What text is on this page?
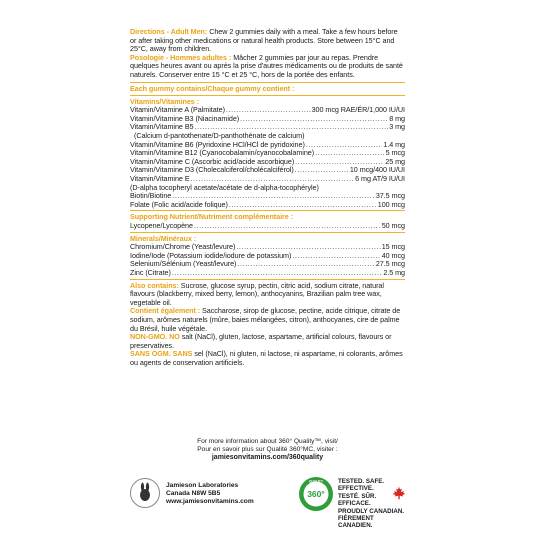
Directions - Adult Men: Chew 2 gummies daily with a meal. Take a few hours before or after taking other medications or natural health products. Store between 15°C and 25°C, away from children.

Posologie - Hommes adultes : Mâcher 2 gummies par jour au repas. Prendre quelques heures avant ou après la prise d'autres médicaments ou de produits de santé naturels. Conserver entre 15 °C et 25 °C, hors de la portée des enfants.

Each gummy contains/Chaque gummy contient :

Vitamins/Vitamines :

Vitamin/Vitamine A (Palmitate) .....	300 mcg RAE/ÉR/1,000 IU/UI
Vitamin/Vitamine B3 (Niacinamide) .....	8 mg
Vitamin/Vitamine B5 .....	3 mg

(Calcium d-pantothenate/D-panthothénate de calcium)

Vitamin/Vitamine B6 (Pyridoxine HCl/HCl de pyridoxine) .....	1.4 mg
Vitamin/Vitamine B12 (Cyanocobalamin/cyanocobalamine) .....	5 mcg
Vitamin/Vitamine C (Ascorbic acid/acide ascorbique) .....	25 mg
Vitamin/Vitamine D3 (Cholecalciferol/cholécalciférol) .....	10 mcg/400 IU/UI
Vitamin/Vitamine E .....	6 mg AT/9 IU/UI

(D-alpha tocopheryl acetate/acétate de d-alpha-tocophéryle)

Biotin/Biotine .....	37.5 mcg
Folate (Folic acid/acide folique) .....	100 mcg

Supporting Nutrient/Nutriment complémentaire :

Lycopene/Lycopène .....	50 mcg

Minerals/Minéraux :

Chromium/Chrome (Yeast/levure) .....	15 mcg
Iodine/Iode (Potassium iodide/iodure de potassium) .....	40 mcg
Selenium/Sélénium (Yeast/levure) .....	27.5 mcg
Zinc (Citrate) .....	2.5 mg

Also contains: Sucrose, glucose syrup, pectin, citric acid, sodium citrate, natural flavours (blackberry, mixed berry, lemon), anthocyanins, Brazilian palm tree wax, vegetable oil.

Contient également : Saccharose, sirop de glucose, pectine, acide citrique, citrate de sodium, arômes naturels (mûre, baies mélangées, citron), anthocyanes, cire de palme du Brésil, huile végétale.

NON-GMO. NO salt (NaCl), gluten, lactose, aspartame, artificial colours, flavours or preservatives.

SANS OGM. SANS sel (NaCl), ni gluten, ni lactose, ni aspartame, ni colorants, arômes ou agents de conservation artificiels.

For more information about 360° Quality™, visit/

Pour en savoir plus sur Qualité 360°MC, visiter :

jamiesonvitamins.com/360quality

Jamieson Laboratories

Canada N8W 5B5

www.jamiesonvitamins.com

360°
QUALITY TESTED. SAFE. EFFECTIVE.

TESTÉ. SÛR. EFFICACE.

PROUDLY CANADIAN.

FIÈREMENT CANADIEN.
